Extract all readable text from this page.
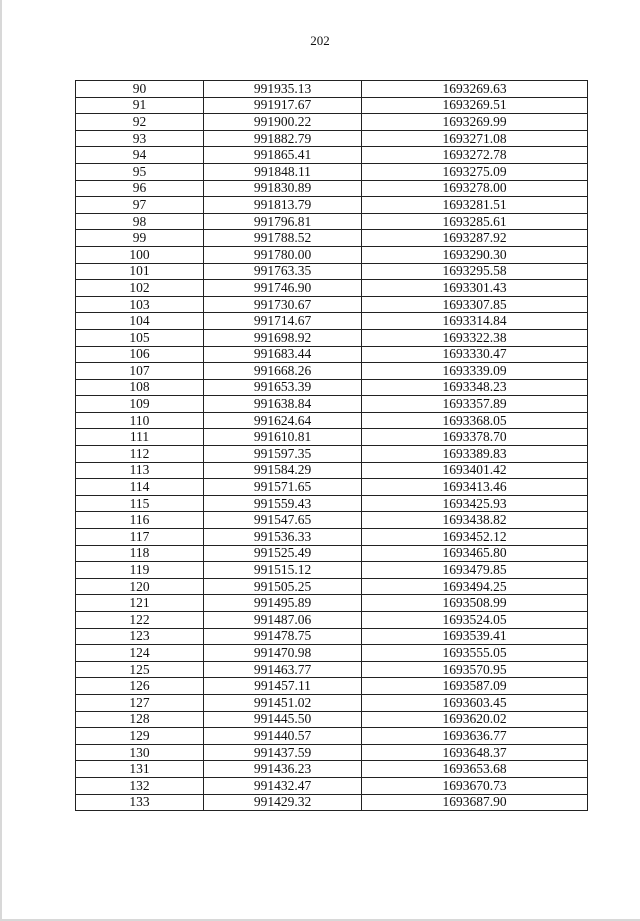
202
90	991935.13	1693269.63
91	991917.67	1693269.51
92	991900.22	1693269.99
93	991882.79	1693271.08
94	991865.41	1693272.78
95	991848.11	1693275.09
96	991830.89	1693278.00
97	991813.79	1693281.51
98	991796.81	1693285.61
99	991788.52	1693287.92
100	991780.00	1693290.30
101	991763.35	1693295.58
102	991746.90	1693301.43
103	991730.67	1693307.85
104	991714.67	1693314.84
105	991698.92	1693322.38
106	991683.44	1693330.47
107	991668.26	1693339.09
108	991653.39	1693348.23
109	991638.84	1693357.89
110	991624.64	1693368.05
111	991610.81	1693378.70
112	991597.35	1693389.83
113	991584.29	1693401.42
114	991571.65	1693413.46
115	991559.43	1693425.93
116	991547.65	1693438.82
117	991536.33	1693452.12
118	991525.49	1693465.80
119	991515.12	1693479.85
120	991505.25	1693494.25
121	991495.89	1693508.99
122	991487.06	1693524.05
123	991478.75	1693539.41
124	991470.98	1693555.05
125	991463.77	1693570.95
126	991457.11	1693587.09
127	991451.02	1693603.45
128	991445.50	1693620.02
129	991440.57	1693636.77
130	991437.59	1693648.37
131	991436.23	1693653.68
132	991432.47	1693670.73
133	991429.32	1693687.90
